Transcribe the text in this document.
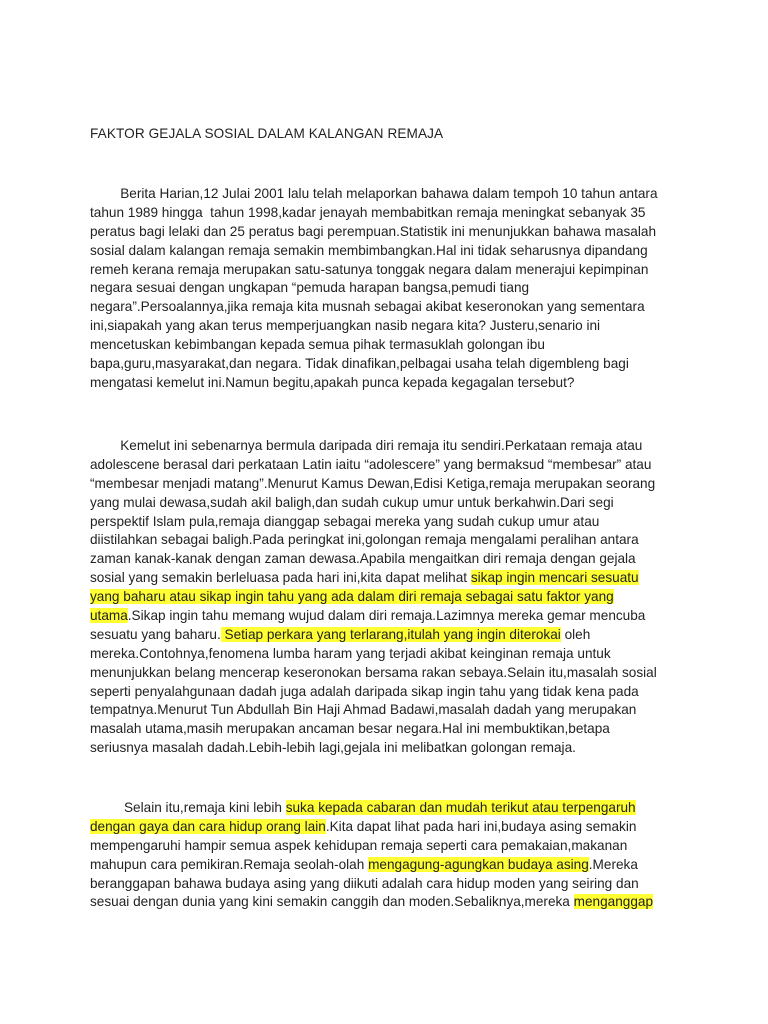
FAKTOR GEJALA SOSIAL DALAM KALANGAN REMAJA
Berita Harian,12 Julai 2001 lalu telah melaporkan bahawa dalam tempoh 10 tahun antara
tahun 1989 hingga  tahun 1998,kadar jenayah membabitkan remaja meningkat sebanyak 35
peratus bagi lelaki dan 25 peratus bagi perempuan.Statistik ini menunjukkan bahawa masalah
sosial dalam kalangan remaja semakin membimbangkan.Hal ini tidak seharusnya dipandang
remeh kerana remaja merupakan satu-satunya tonggak negara dalam menerajui kepimpinan
negara sesuai dengan ungkapan “pemuda harapan bangsa,pemudi tiang
negara”.Persoalannya,jika remaja kita musnah sebagai akibat keseronokan yang sementara
ini,siapakah yang akan terus memperjuangkan nasib negara kita? Justeru,senario ini
mencetuskan kebimbangan kepada semua pihak termasuklah golongan ibu
bapa,guru,masyarakat,dan negara. Tidak dinafikan,pelbagai usaha telah digembleng bagi
mengatasi kemelut ini.Namun begitu,apakah punca kepada kegagalan tersebut?
Kemelut ini sebenarnya bermula daripada diri remaja itu sendiri.Perkataan remaja atau
adolescene berasal dari perkataan Latin iaitu “adolescere” yang bermaksud “membesar” atau
“membesar menjadi matang”.Menurut Kamus Dewan,Edisi Ketiga,remaja merupakan seorang
yang mulai dewasa,sudah akil baligh,dan sudah cukup umur untuk berkahwin.Dari segi
perspektif Islam pula,remaja dianggap sebagai mereka yang sudah cukup umur atau
diistilahkan sebagai baligh.Pada peringkat ini,golongan remaja mengalami peralihan antara
zaman kanak-kanak dengan zaman dewasa.Apabila mengaitkan diri remaja dengan gejala
sosial yang semakin berleluasa pada hari ini,kita dapat melihat sikap ingin mencari sesuatu
yang baharu atau sikap ingin tahu yang ada dalam diri remaja sebagai satu faktor yang
utama.Sikap ingin tahu memang wujud dalam diri remaja.Lazimnya mereka gemar mencuba
sesuatu yang baharu. Setiap perkara yang terlarang,itulah yang ingin diterokai oleh
mereka.Contohnya,fenomena lumba haram yang terjadi akibat keinginan remaja untuk
menunjukkan belang mencerap keseronokan bersama rakan sebaya.Selain itu,masalah sosial
seperti penyalahgunaan dadah juga adalah daripada sikap ingin tahu yang tidak kena pada
tempatnya.Menurut Tun Abdullah Bin Haji Ahmad Badawi,masalah dadah yang merupakan
masalah utama,masih merupakan ancaman besar negara.Hal ini membuktikan,betapa
seriusnya masalah dadah.Lebih-lebih lagi,gejala ini melibatkan golongan remaja.
Selain itu,remaja kini lebih suka kepada cabaran dan mudah terikut atau terpengaruh
dengan gaya dan cara hidup orang lain.Kita dapat lihat pada hari ini,budaya asing semakin
mempengaruhi hampir semua aspek kehidupan remaja seperti cara pemakaian,makanan
mahupun cara pemikiran.Remaja seolah-olah mengagung-agungkan budaya asing.Mereka
beranggapan bahawa budaya asing yang diikuti adalah cara hidup moden yang seiring dan
sesuai dengan dunia yang kini semakin canggih dan moden.Sebaliknya,mereka menganggap
